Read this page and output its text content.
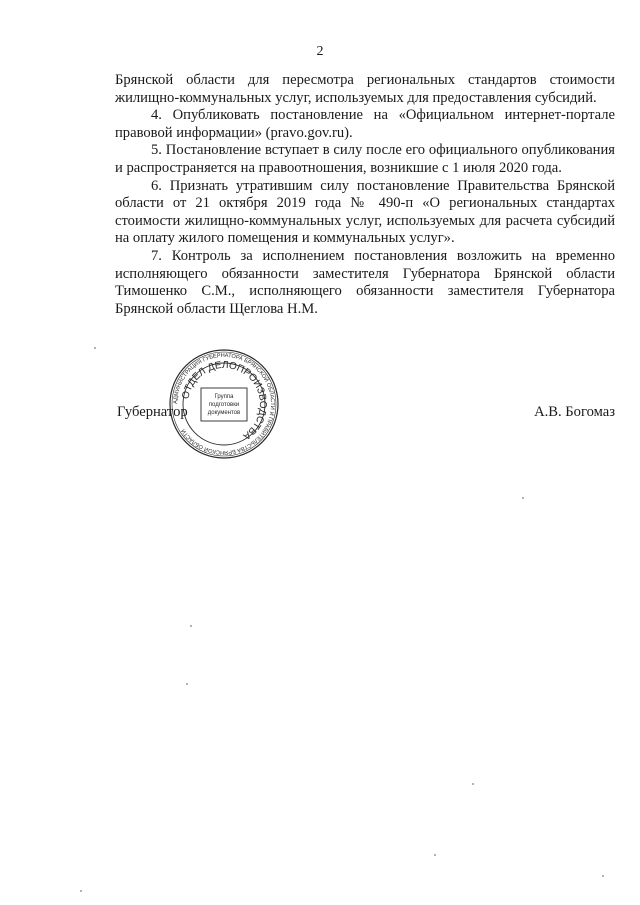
2

Брянской области для пересмотра региональных стандартов стоимости жилищно-коммунальных услуг, используемых для предоставления субсидий.

4. Опубликовать постановление на «Официальном интернет-портале правовой информации» (pravo.gov.ru).

5. Постановление вступает в силу после его официального опубликования и распространяется на правоотношения, возникшие с 1 июля 2020 года.

6. Признать утратившим силу постановление Правительства Брянской области от 21 октября 2019 года № 490-п «О региональных стандартах стоимости жилищно-коммунальных услуг, используемых для расчета субсидий на оплату жилого помещения и коммунальных услуг».

7. Контроль за исполнением постановления возложить на временно исполняющего обязанности заместителя Губернатора Брянской области Тимошенко С.М., исполняющего обязанности заместителя Губернатора Брянской области Щеглова Н.М.

Губернатор	А.В. Богомаз
АДМИНИСТРАЦИЯ ГУБЕРНАТОРА БРЯНСКОЙ ОБЛАСТИ И ПРАВИТЕЛЬСТВА БРЯНСКОЙ ОБЛАСТИ
ОТДЕЛ ДЕЛОПРОИЗВОДСТВА
Группа подготовки документов
